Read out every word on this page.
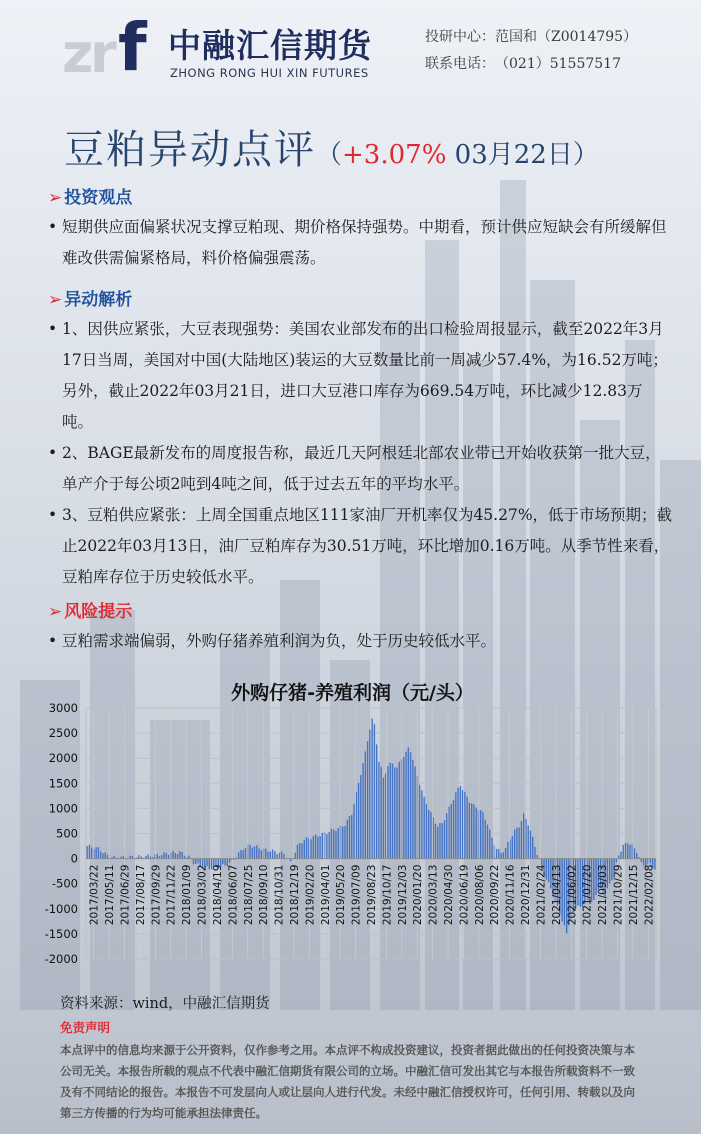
z
r f 中融汇信期货
ZHONG RONG HUI XIN FUTURES
投研中心：范国和（Z0014795）
联系电话：（021）51557517
豆粕异动点评（+3.07% 03月22日）
➢ 投资观点
• 短期供应面偏紧状况支撑豆粕现、期价格保持强势。中期看，预计供应短缺会有所缓解但难改供需偏紧格局，料价格偏强震荡。
➢ 异动解析
• 1、因供应紧张，大豆表现强势：美国农业部发布的出口检验周报显示，截至2022年3月17日当周，美国对中国(大陆地区)装运的大豆数量比前一周减少57.4%，为16.52万吨；另外，截止2022年03月21日，进口大豆港口库存为669.54万吨，环比减少12.83万吨。
• 2、BAGE最新发布的周度报告称，最近几天阿根廷北部农业带已开始收获第一批大豆，单产介于每公顷2吨到4吨之间，低于过去五年的平均水平。
• 3、豆粕供应紧张：上周全国重点地区111家油厂开机率仅为45.27%，低于市场预期；截止2022年03月13日，油厂豆粕库存为30.51万吨，环比增加0.16万吨。从季节性来看，豆粕库存位于历史较低水平。
➢ 风险提示
• 豆粕需求端偏弱，外购仔猪养殖利润为负，处于历史较低水平。
外购仔猪-养殖利润（元/头）
3000
2500
2000
1500
1000
500
0
-500
-1000
-1500
-2000
2017/03/22 2017/05/11 2017/06/29 2017/08/17 2017/09/29 2017/11/22 2018/01/09 2018/03/02 2018/04/19 2018/06/07 2018/07/25 2018/09/10 2018/10/31 2018/12/19 2019/02/20 2019/04/01 2019/05/20 2019/07/09 2019/08/23 2019/10/17 2019/12/03 2020/01/20 2020/03/13 2020/04/30 2020/06/19 2020/08/06 2020/09/22 2020/11/16 2020/12/31 2021/02/24 2021/04/13 2021/06/02 2021/07/20 2021/09/03 2021/10/29 2021/12/15 2022/02/08
资料来源：wind，中融汇信期货
免责声明
本点评中的信息均来源于公开资料，仅作参考之用。本点评不构成投资建议，投资者据此做出的任何投资决策与本公司无关。本报告所载的观点不代表中融汇信期货有限公司的立场。中融汇信可发出其它与本报告所载资料不一致及有不同结论的报告。本报告不可发层向人或让层向人进行代发。未经中融汇信授权许可，任何引用、转载以及向第三方传播的行为均可能承担法律责任。
